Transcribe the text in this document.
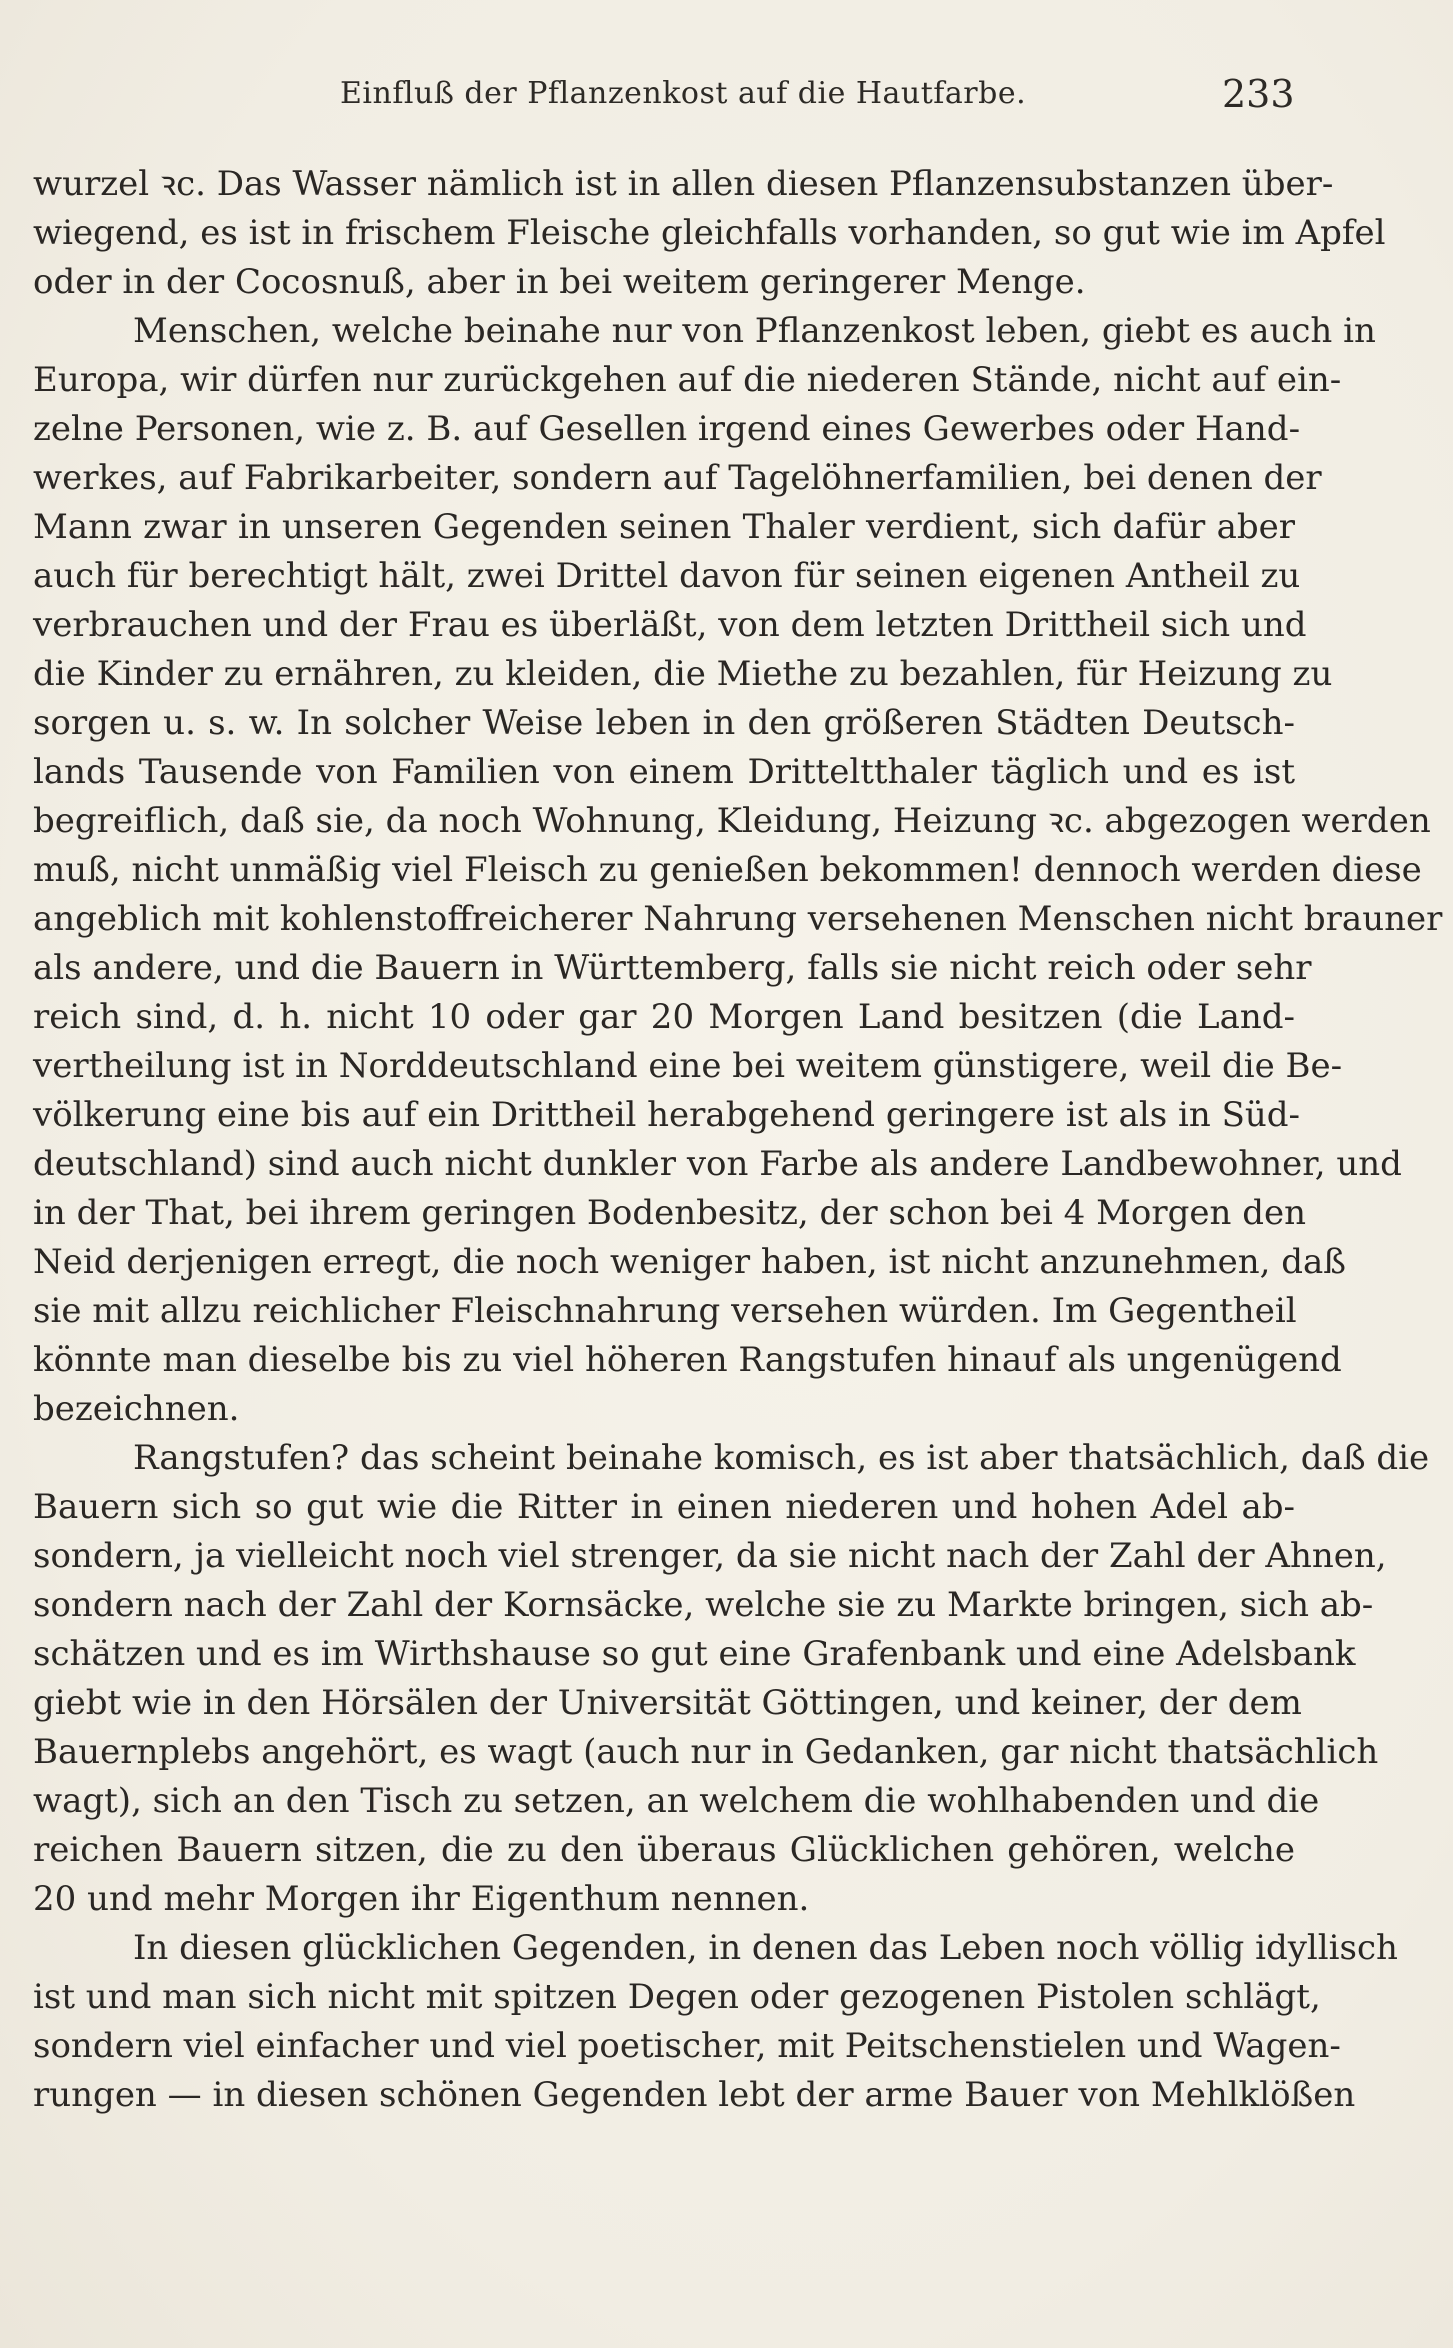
Einfluß der Pflanzenkost auf die Hautfarbe.	233
wurzel ꝛc. Das Wasser nämlich ist in allen diesen Pflanzensubstanzen über-
wiegend, es ist in frischem Fleische gleichfalls vorhanden, so gut wie im Apfel
oder in der Cocosnuß, aber in bei weitem geringerer Menge.
Menschen, welche beinahe nur von Pflanzenkost leben, giebt es auch in
Europa, wir dürfen nur zurückgehen auf die niederen Stände, nicht auf ein-
zelne Personen, wie z. B. auf Gesellen irgend eines Gewerbes oder Hand-
werkes, auf Fabrikarbeiter, sondern auf Tagelöhnerfamilien, bei denen der
Mann zwar in unseren Gegenden seinen Thaler verdient, sich dafür aber
auch für berechtigt hält, zwei Drittel davon für seinen eigenen Antheil zu
verbrauchen und der Frau es überläßt, von dem letzten Drittheil sich und
die Kinder zu ernähren, zu kleiden, die Miethe zu bezahlen, für Heizung zu
sorgen u. s. w. In solcher Weise leben in den größeren Städten Deutsch-
lands Tausende von Familien von einem Dritteltthaler täglich und es ist
begreiflich, daß sie, da noch Wohnung, Kleidung, Heizung ꝛc. abgezogen werden
muß, nicht unmäßig viel Fleisch zu genießen bekommen! dennoch werden diese
angeblich mit kohlenstoffreicherer Nahrung versehenen Menschen nicht brauner
als andere, und die Bauern in Württemberg, falls sie nicht reich oder sehr
reich sind, d. h. nicht 10 oder gar 20 Morgen Land besitzen (die Land-
vertheilung ist in Norddeutschland eine bei weitem günstigere, weil die Be-
völkerung eine bis auf ein Drittheil herabgehend geringere ist als in Süd-
deutschland) sind auch nicht dunkler von Farbe als andere Landbewohner, und
in der That, bei ihrem geringen Bodenbesitz, der schon bei 4 Morgen den
Neid derjenigen erregt, die noch weniger haben, ist nicht anzunehmen, daß
sie mit allzu reichlicher Fleischnahrung versehen würden. Im Gegentheil
könnte man dieselbe bis zu viel höheren Rangstufen hinauf als ungenügend
bezeichnen.
Rangstufen? das scheint beinahe komisch, es ist aber thatsächlich, daß die
Bauern sich so gut wie die Ritter in einen niederen und hohen Adel ab-
sondern, ja vielleicht noch viel strenger, da sie nicht nach der Zahl der Ahnen,
sondern nach der Zahl der Kornsäcke, welche sie zu Markte bringen, sich ab-
schätzen und es im Wirthshause so gut eine Grafenbank und eine Adelsbank
giebt wie in den Hörsälen der Universität Göttingen, und keiner, der dem
Bauernplebs angehört, es wagt (auch nur in Gedanken, gar nicht thatsächlich
wagt), sich an den Tisch zu setzen, an welchem die wohlhabenden und die
reichen Bauern sitzen, die zu den überaus Glücklichen gehören, welche
20 und mehr Morgen ihr Eigenthum nennen.
In diesen glücklichen Gegenden, in denen das Leben noch völlig idyllisch
ist und man sich nicht mit spitzen Degen oder gezogenen Pistolen schlägt,
sondern viel einfacher und viel poetischer, mit Peitschenstielen und Wagen-
rungen — in diesen schönen Gegenden lebt der arme Bauer von Mehlklößen
